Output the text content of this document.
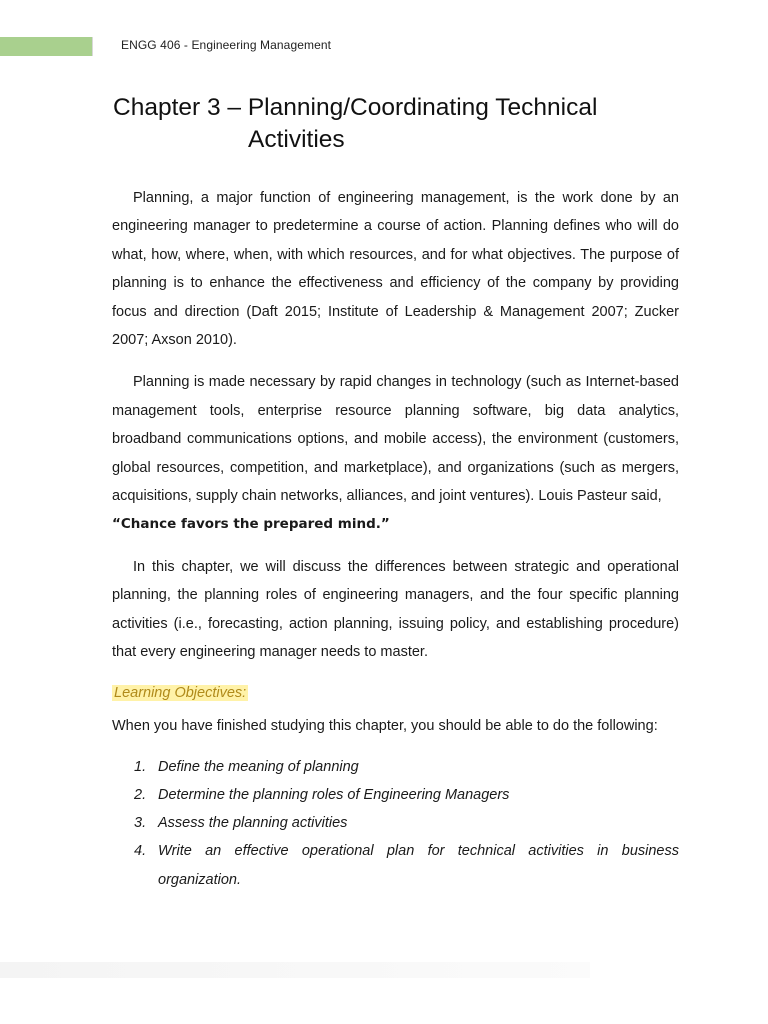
ENGG 406 - Engineering Management
Chapter 3 – Planning/Coordinating Technical
Activities

Planning, a major function of engineering management, is the work done by an engineering manager to predetermine a course of action. Planning defines who will do what, how, where, when, with which resources, and for what objectives. The purpose of planning is to enhance the effectiveness and efficiency of the company by providing focus and direction (Daft 2015; Institute of Leadership & Management 2007; Zucker 2007; Axson 2010).

Planning is made necessary by rapid changes in technology (such as Internet-based management tools, enterprise resource planning software, big data analytics, broadband communications options, and mobile access), the environment (customers, global resources, competition, and marketplace), and organizations (such as mergers, acquisitions, supply chain networks, alliances, and joint ventures). Louis Pasteur said,
“Chance favors the prepared mind.”

In this chapter, we will discuss the differences between strategic and operational planning, the planning roles of engineering managers, and the four specific planning activities (i.e., forecasting, action planning, issuing policy, and establishing procedure) that every engineering manager needs to master.

Learning Objectives:

When you have finished studying this chapter, you should be able to do the following:

1. Define the meaning of planning
2. Determine the planning roles of Engineering Managers
3. Assess the planning activities
4. Write an effective operational plan for technical activities in business organization.
